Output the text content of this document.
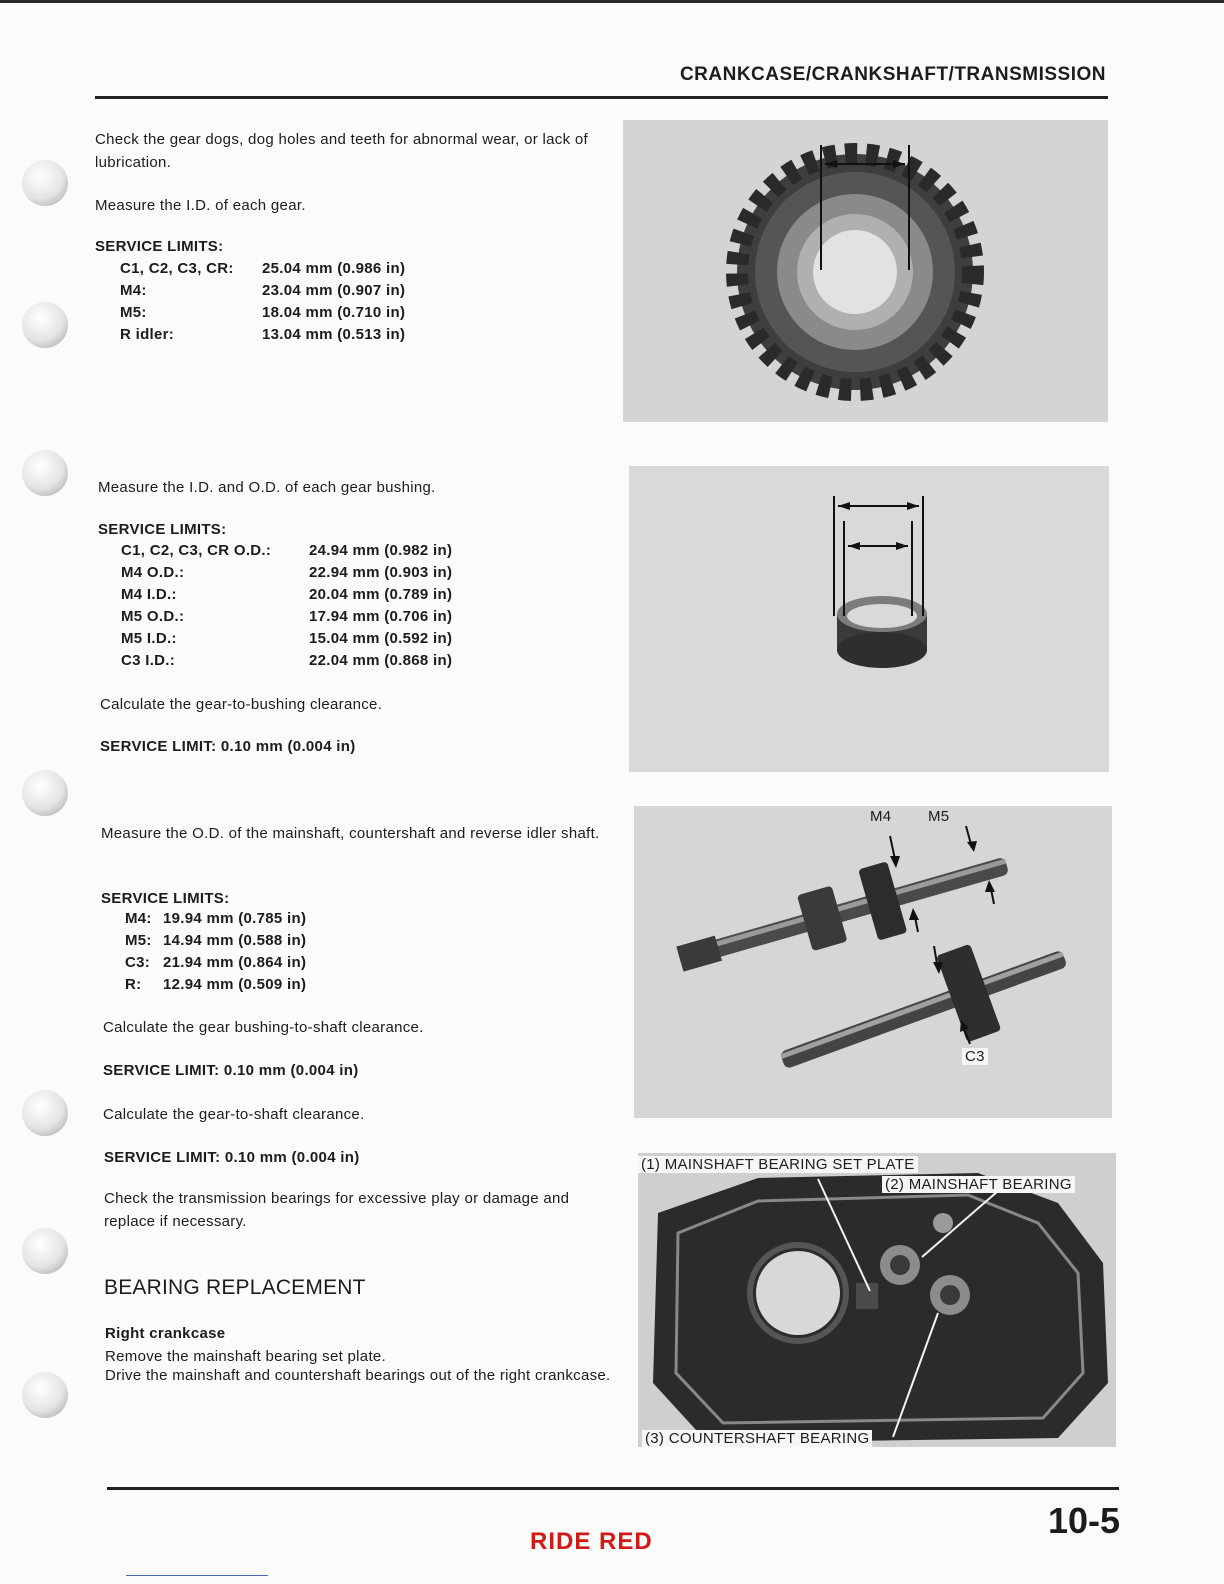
CRANKCASE/CRANKSHAFT/TRANSMISSION
Check the gear dogs, dog holes and teeth for abnormal wear, or lack of lubrication.
Measure the I.D. of each gear.
SERVICE LIMITS:
C1, C2, C3, CR: 25.04 mm (0.986 in)
M4:	23.04 mm (0.907 in)
M5:	18.04 mm (0.710 in)
R idler:	13.04 mm (0.513 in)
Measure the I.D. and O.D. of each gear bushing.
SERVICE LIMITS:
C1, C2, C3, CR O.D.:	24.94 mm (0.982 in)
M4 O.D.:	22.94 mm (0.903 in)
M4 I.D.:	20.04 mm (0.789 in)
M5 O.D.:	17.94 mm (0.706 in)
M5 I.D.:	15.04 mm (0.592 in)
C3 I.D.:	22.04 mm (0.868 in)
Calculate the gear-to-bushing clearance.
SERVICE LIMIT: 0.10 mm (0.004 in)
Measure the O.D. of the mainshaft, countershaft and reverse idler shaft.
SERVICE LIMITS:
M4: 19.94 mm (0.785 in)
M5: 14.94 mm (0.588 in)
C3: 21.94 mm (0.864 in)
R: 12.94 mm (0.509 in)
Calculate the gear bushing-to-shaft clearance.
SERVICE LIMIT: 0.10 mm (0.004 in)
Calculate the gear-to-shaft clearance.
SERVICE LIMIT: 0.10 mm (0.004 in)
Check the transmission bearings for excessive play or damage and replace if necessary.
M4 M5
C3
BEARING REPLACEMENT
Right crankcase
Remove the mainshaft bearing set plate.
Drive the mainshaft and countershaft bearings out of the right crankcase.
(1) MAINSHAFT BEARING SET PLATE
(2) MAINSHAFT BEARING
(3) COUNTERSHAFT BEARING
10-5
RIDE RED
